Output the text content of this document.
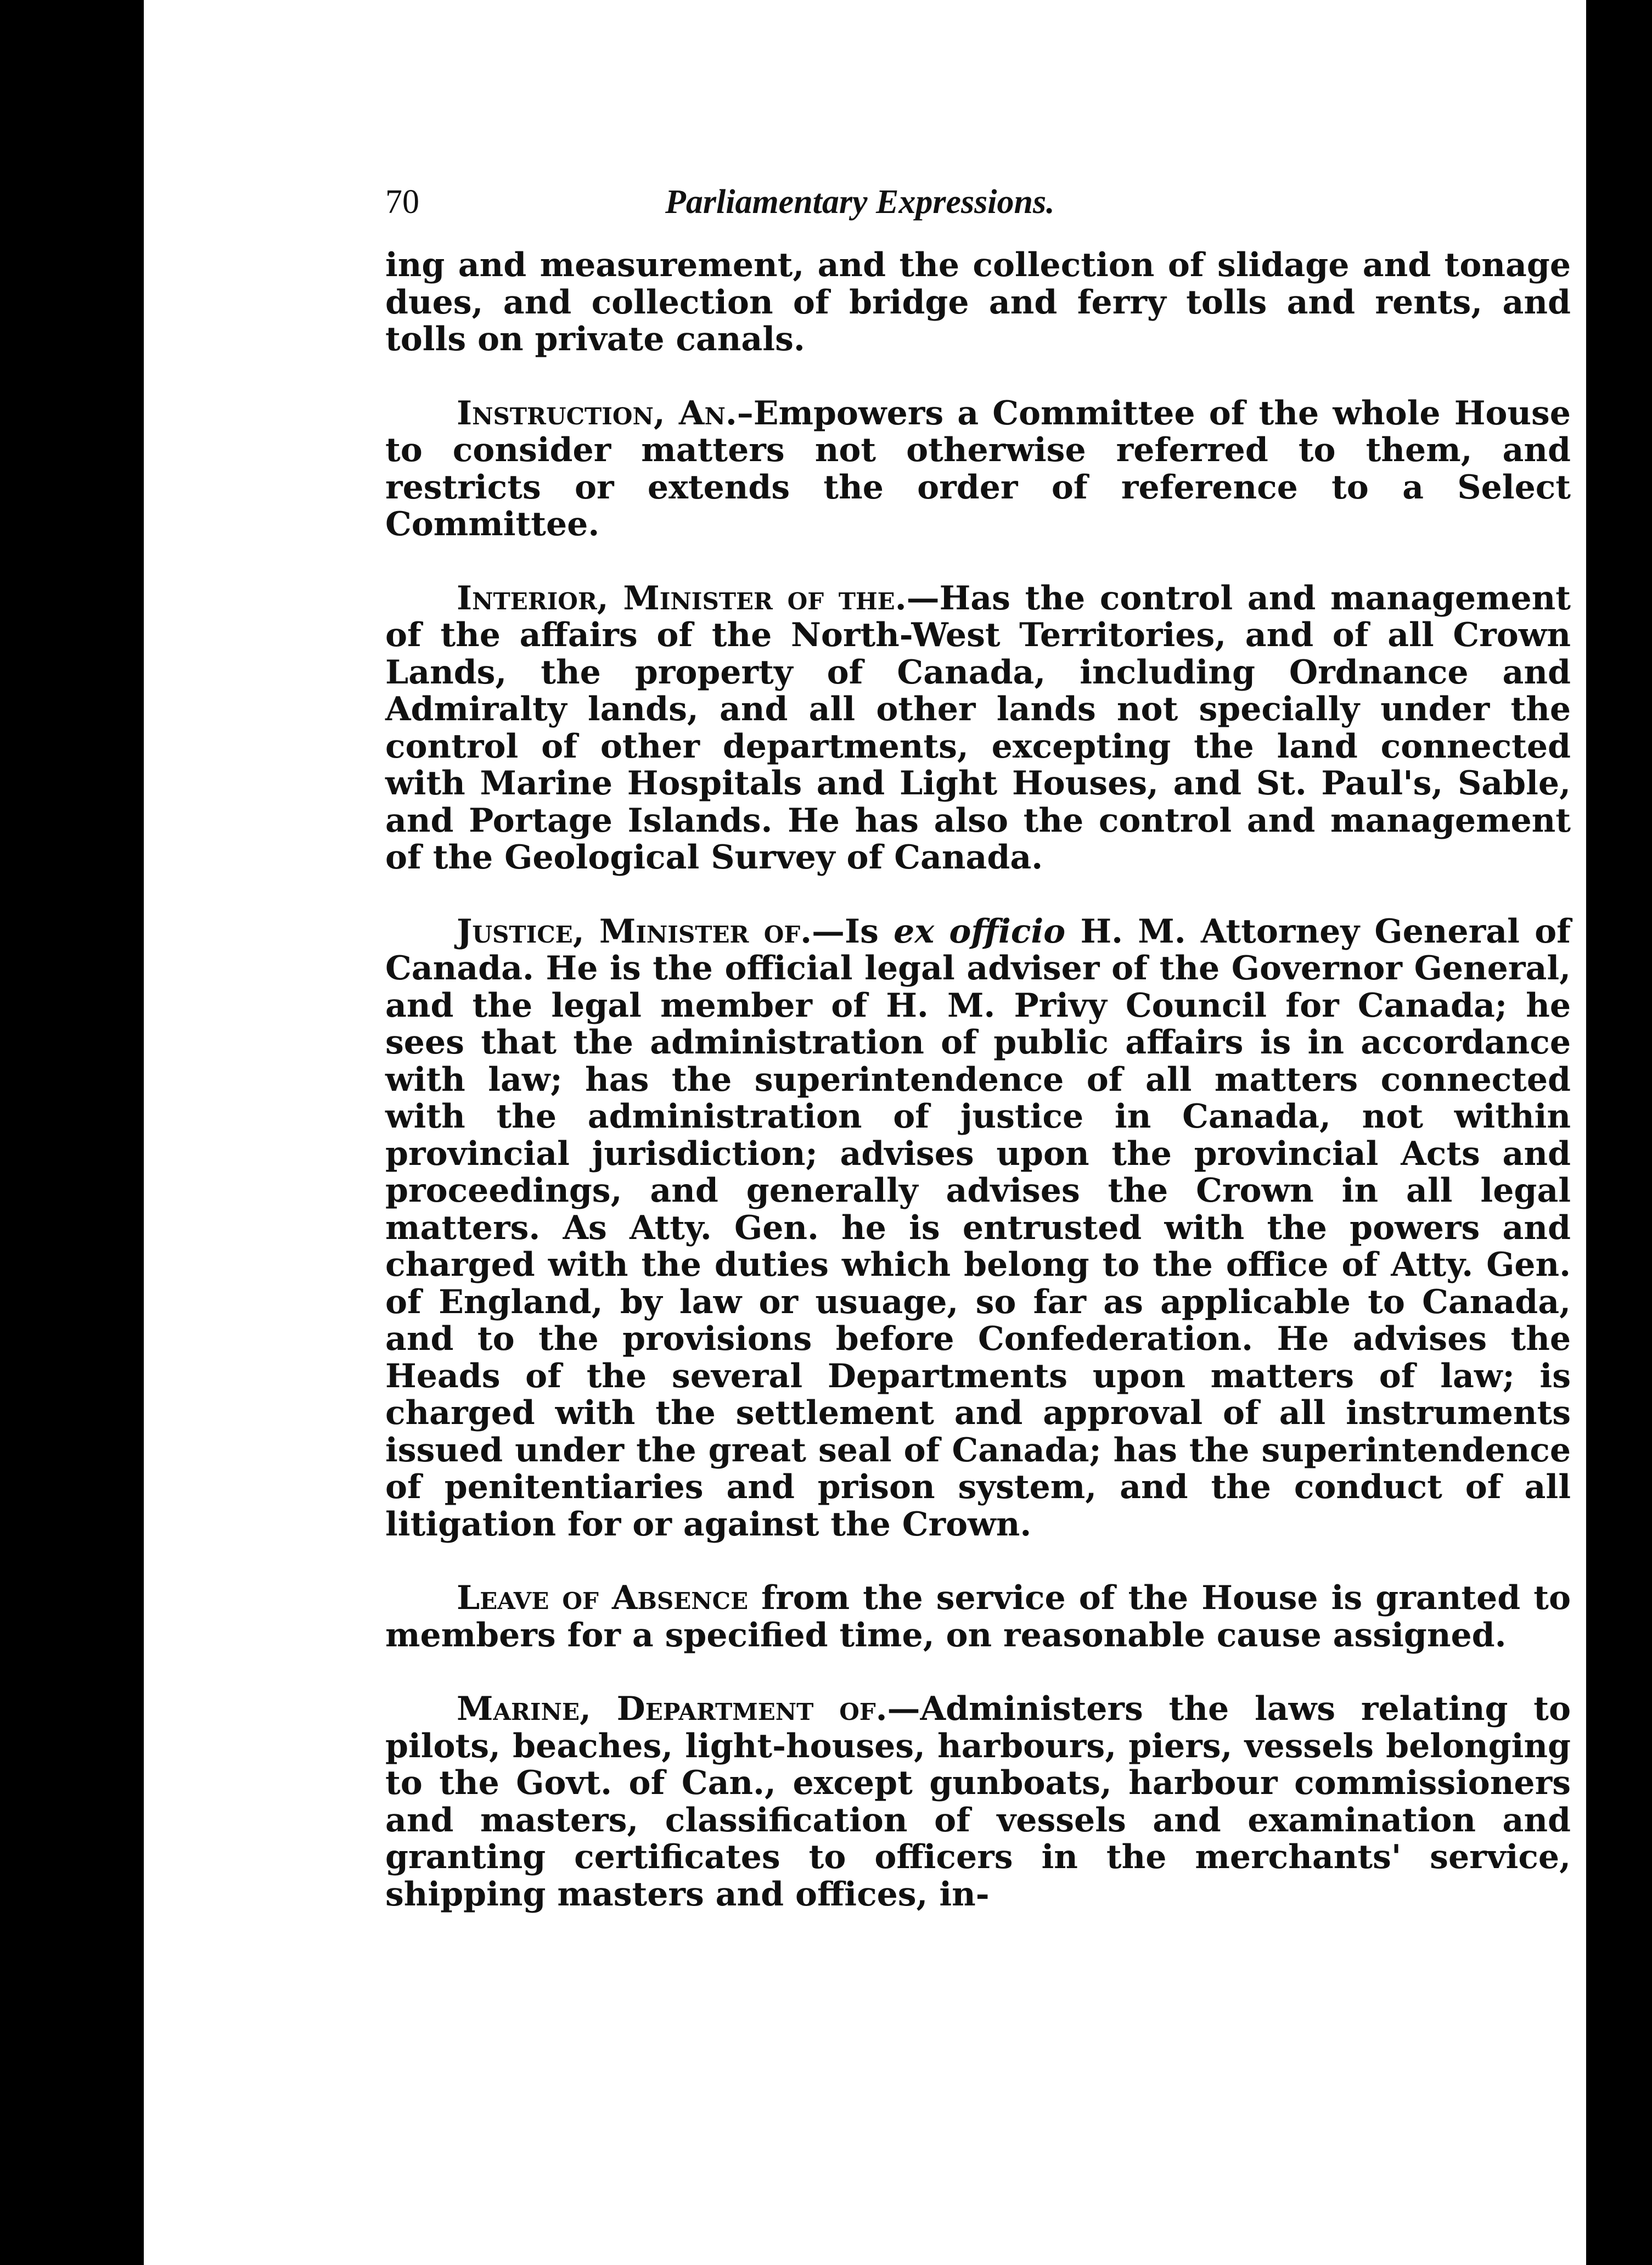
70	Parliamentary Expressions.

ing and measurement, and the collection of slidage and tonage dues, and collection of bridge and ferry tolls and rents, and tolls on private canals.

Instruction, An.–Empowers a Committee of the whole House to consider matters not otherwise referred to them, and restricts or extends the order of reference to a Select Committee.

Interior, Minister of the.—Has the control and management of the affairs of the North-West Territories, and of all Crown Lands, the property of Canada, including Ordnance and Admiralty lands, and all other lands not specially under the control of other departments, excepting the land connected with Marine Hospitals and Light Houses, and St. Paul's, Sable, and Portage Islands. He has also the control and management of the Geological Survey of Canada.

Justice, Minister of.—Is ex officio H. M. Attorney General of Canada. He is the official legal adviser of the Governor General, and the legal member of H. M. Privy Council for Canada; he sees that the administration of public affairs is in accordance with law; has the superintendence of all matters connected with the administration of justice in Canada, not within provincial jurisdiction; advises upon the provincial Acts and proceedings, and generally advises the Crown in all legal matters. As Atty. Gen. he is entrusted with the powers and charged with the duties which belong to the office of Atty. Gen. of England, by law or usuage, so far as applicable to Canada, and to the provisions before Confederation. He advises the Heads of the several Departments upon matters of law; is charged with the settlement and approval of all instruments issued under the great seal of Canada; has the superintendence of penitentiaries and prison system, and the conduct of all litigation for or against the Crown.

Leave of Absence from the service of the House is granted to members for a specified time, on reasonable cause assigned.

Marine, Department of.—Administers the laws relating to pilots, beaches, light-houses, harbours, piers, vessels belonging to the Govt. of Can., except gunboats, harbour commissioners and masters, classification of vessels and examination and granting certificates to officers in the merchants' service, shipping masters and offices, in-
